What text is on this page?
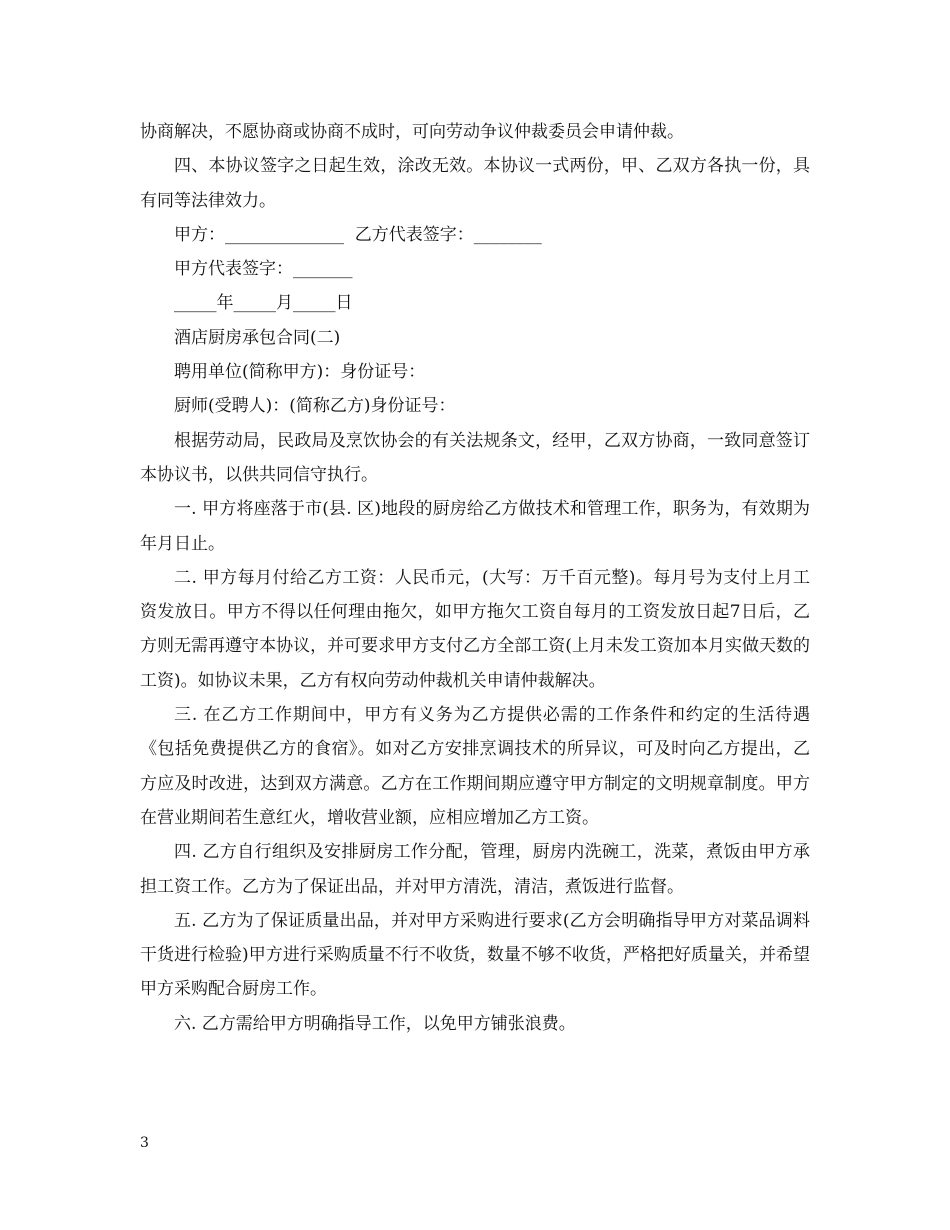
协商解决，不愿协商或协商不成时，可向劳动争议仲裁委员会申请仲裁。

四、本协议签字之日起生效，涂改无效。本协议一式两份，甲、乙双方各执一份，具有同等法律效力。

甲方：______________  乙方代表签字：________

甲方代表签字：_______

_____年_____月_____日

酒店厨房承包合同(二)

聘用单位(简称甲方)：身份证号：

厨师(受聘人)：(简称乙方)身份证号：

根据劳动局，民政局及烹饮协会的有关法规条文，经甲，乙双方协商，一致同意签订本协议书，以供共同信守执行。

一. 甲方将座落于市(县. 区)地段的厨房给乙方做技术和管理工作，职务为，有效期为年月日止。

二. 甲方每月付给乙方工资：人民币元，(大写：万千百元整)。每月号为支付上月工资发放日。甲方不得以任何理由拖欠，如甲方拖欠工资自每月的工资发放日起7日后，乙方则无需再遵守本协议，并可要求甲方支付乙方全部工资(上月未发工资加本月实做天数的工资)。如协议未果，乙方有权向劳动仲裁机关申请仲裁解决。

三. 在乙方工作期间中，甲方有义务为乙方提供必需的工作条件和约定的生活待遇《包括免费提供乙方的食宿》。如对乙方安排烹调技术的所异议，可及时向乙方提出，乙方应及时改进，达到双方满意。乙方在工作期间期应遵守甲方制定的文明规章制度。甲方在营业期间若生意红火，增收营业额，应相应增加乙方工资。

四. 乙方自行组织及安排厨房工作分配，管理，厨房内洗碗工，洗菜，煮饭由甲方承担工资工作。乙方为了保证出品，并对甲方清洗，清洁，煮饭进行监督。

五. 乙方为了保证质量出品，并对甲方采购进行要求(乙方会明确指导甲方对菜品调料干货进行检验)甲方进行采购质量不行不收货，数量不够不收货，严格把好质量关，并希望甲方采购配合厨房工作。

六. 乙方需给甲方明确指导工作，以免甲方铺张浪费。

3
